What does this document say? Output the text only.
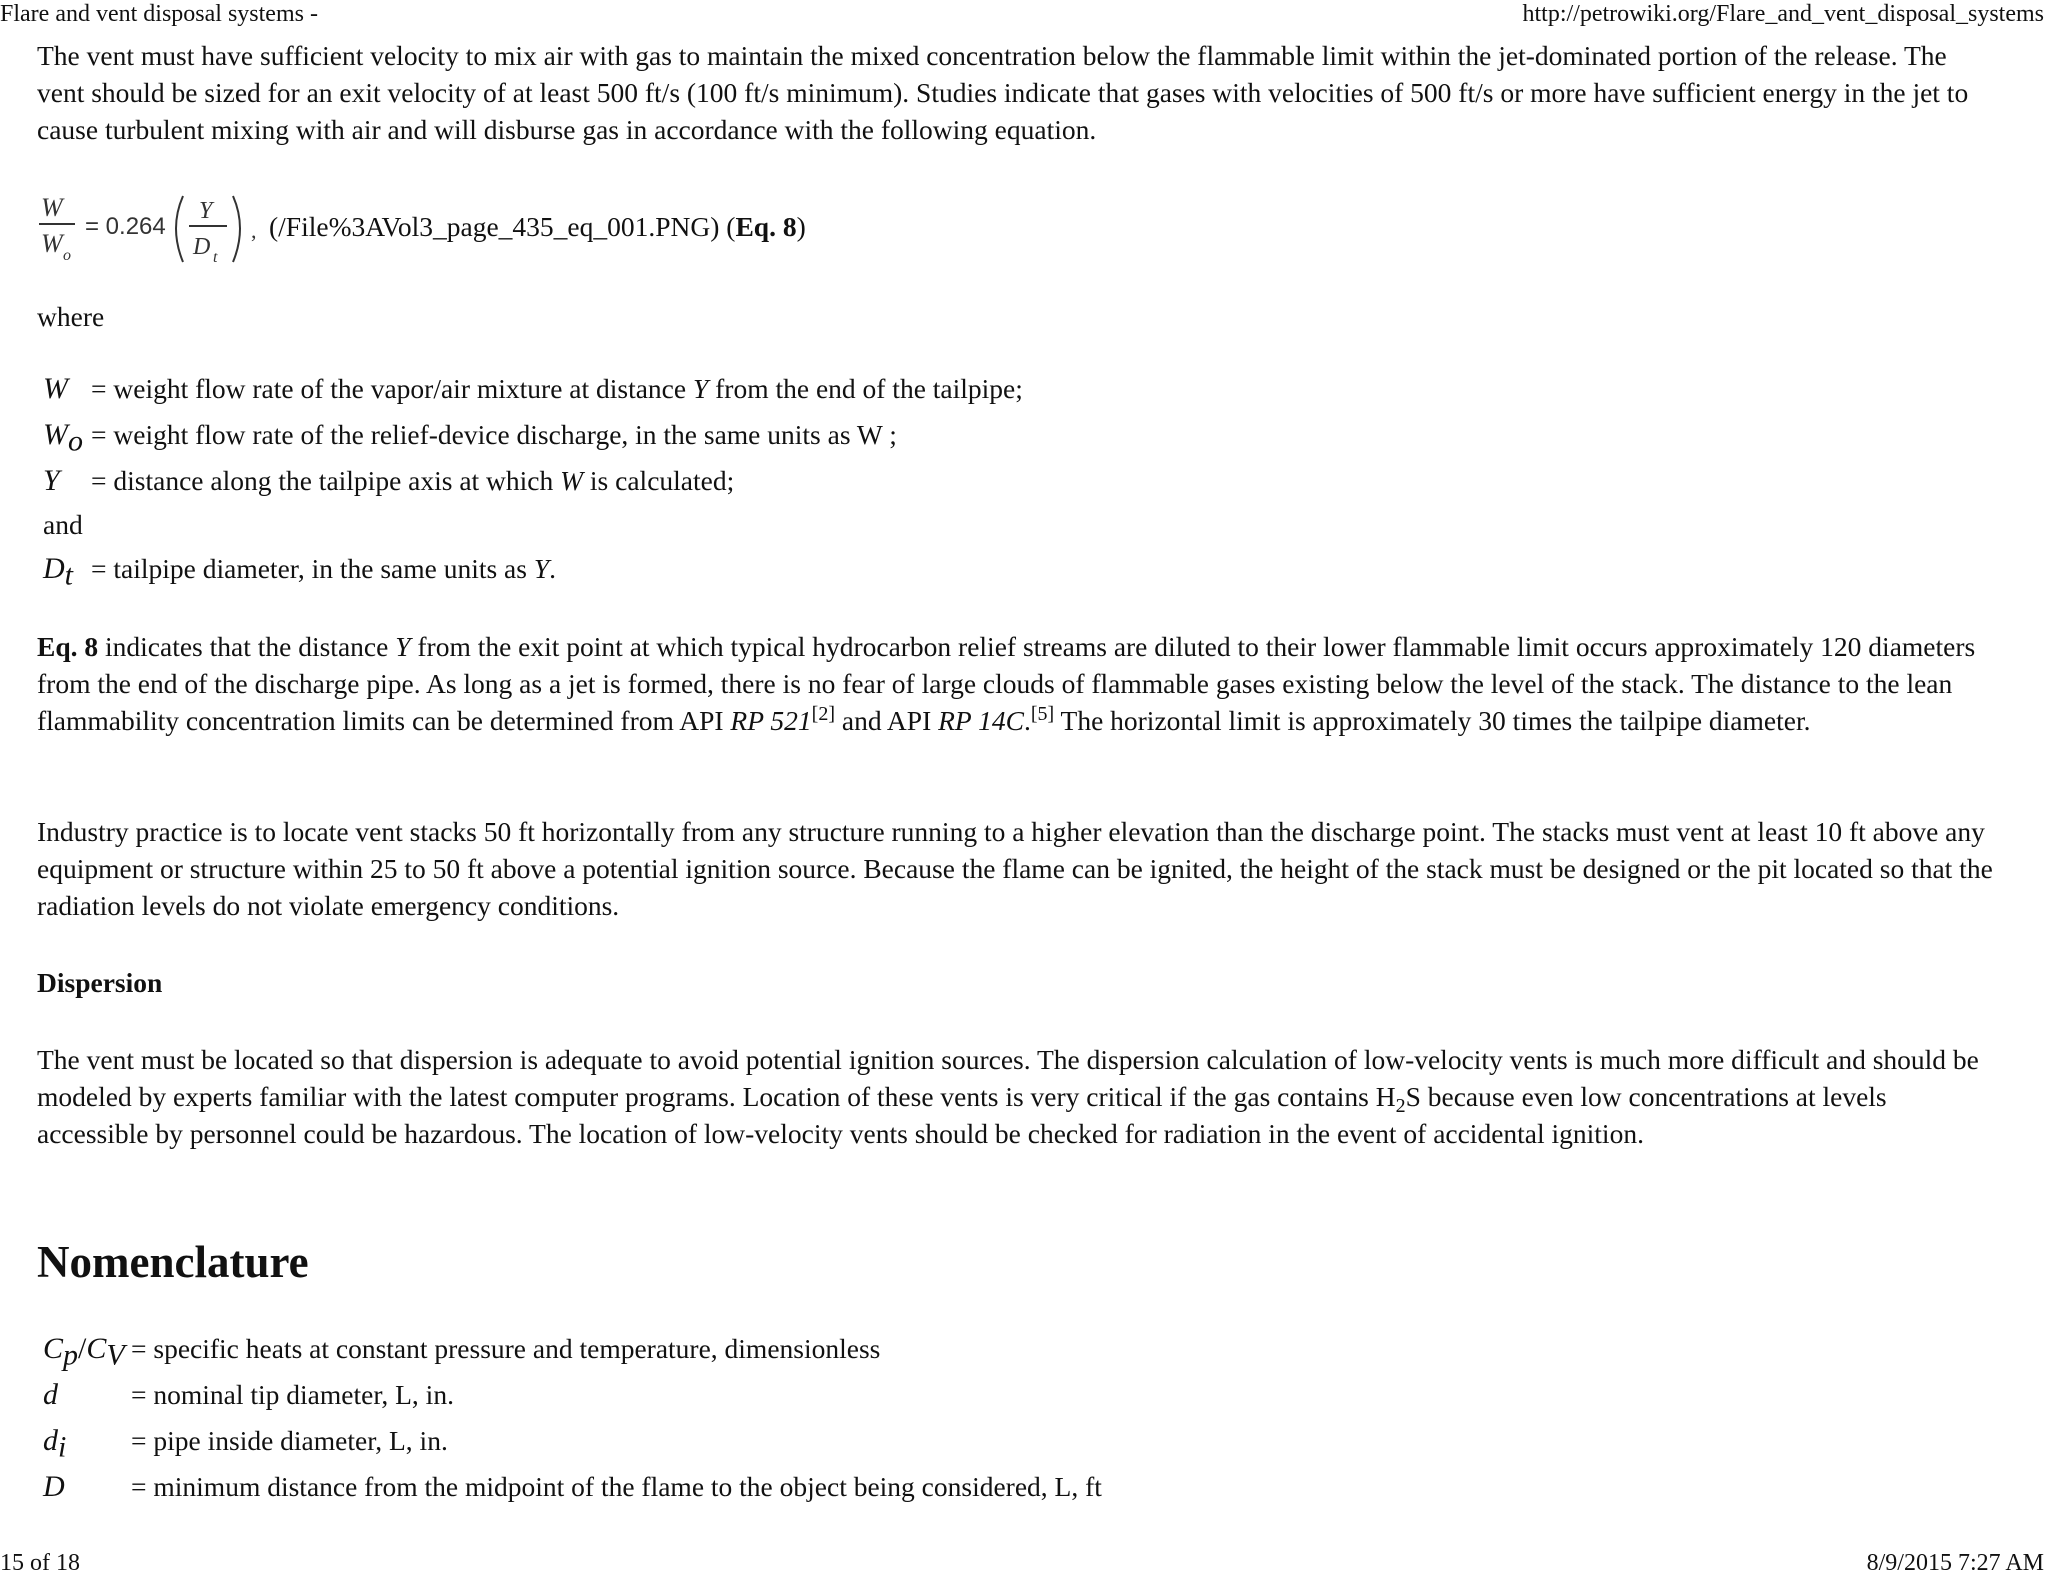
Flare and vent disposal systems -	http://petrowiki.org/Flare_and_vent_disposal_systems

The vent must have sufficient velocity to mix air with gas to maintain the mixed concentration below the flammable limit within the jet-dominated portion of the release. The vent should be sized for an exit velocity of at least 500 ft/s (100 ft/s minimum). Studies indicate that gases with velocities of 500 ft/s or more have sufficient energy in the jet to cause turbulent mixing with air and will disburse gas in accordance with the following equation.

W
W o
= 0.264
Y
D t
, (/File%3AVol3_page_435_eq_001.PNG)
( Eq. 8 )
where
W	= weight flow rate of the vapor/air mixture at distance Y from the end of the tailpipe;
$W_o$	= weight flow rate of the relief-device discharge, in the same units as W ;
Y	= distance along the tailpipe axis at which W is calculated;
and	
$D_t$	= tailpipe diameter, in the same units as Y.

Eq. 8 indicates that the distance Y from the exit point at which typical hydrocarbon relief streams are diluted to their lower flammable limit occurs approximately 120 diameters from the end of the discharge pipe. As long as a jet is formed, there is no fear of large clouds of flammable gases existing below the level of the stack. The distance to the lean flammability concentration limits can be determined from API RP 521[2] and API RP 14C.[5] The horizontal limit is approximately 30 times the tailpipe diameter.

Industry practice is to locate vent stacks 50 ft horizontally from any structure running to a higher elevation than the discharge point. The stacks must vent at least 10 ft above any equipment or structure within 25 to 50 ft above a potential ignition source. Because the flame can be ignited, the height of the stack must be designed or the pit located so that the radiation levels do not violate emergency conditions.

Dispersion

The vent must be located so that dispersion is adequate to avoid potential ignition sources. The dispersion calculation of low-velocity vents is much more difficult and should be modeled by experts familiar with the latest computer programs. Location of these vents is very critical if the gas contains $H_2S$ because even low concentrations at levels accessible by personnel could be hazardous. The location of low-velocity vents should be checked for radiation in the event of accidental ignition.

Nomenclature
$C_p/C_V$	= specific heats at constant pressure and temperature, dimensionless
d	= nominal tip diameter, L, in.
$d_i$	= pipe inside diameter, L, in.
D	= minimum distance from the midpoint of the flame to the object being considered, L, ft
15 of 18	8/9/2015 7:27 AM
